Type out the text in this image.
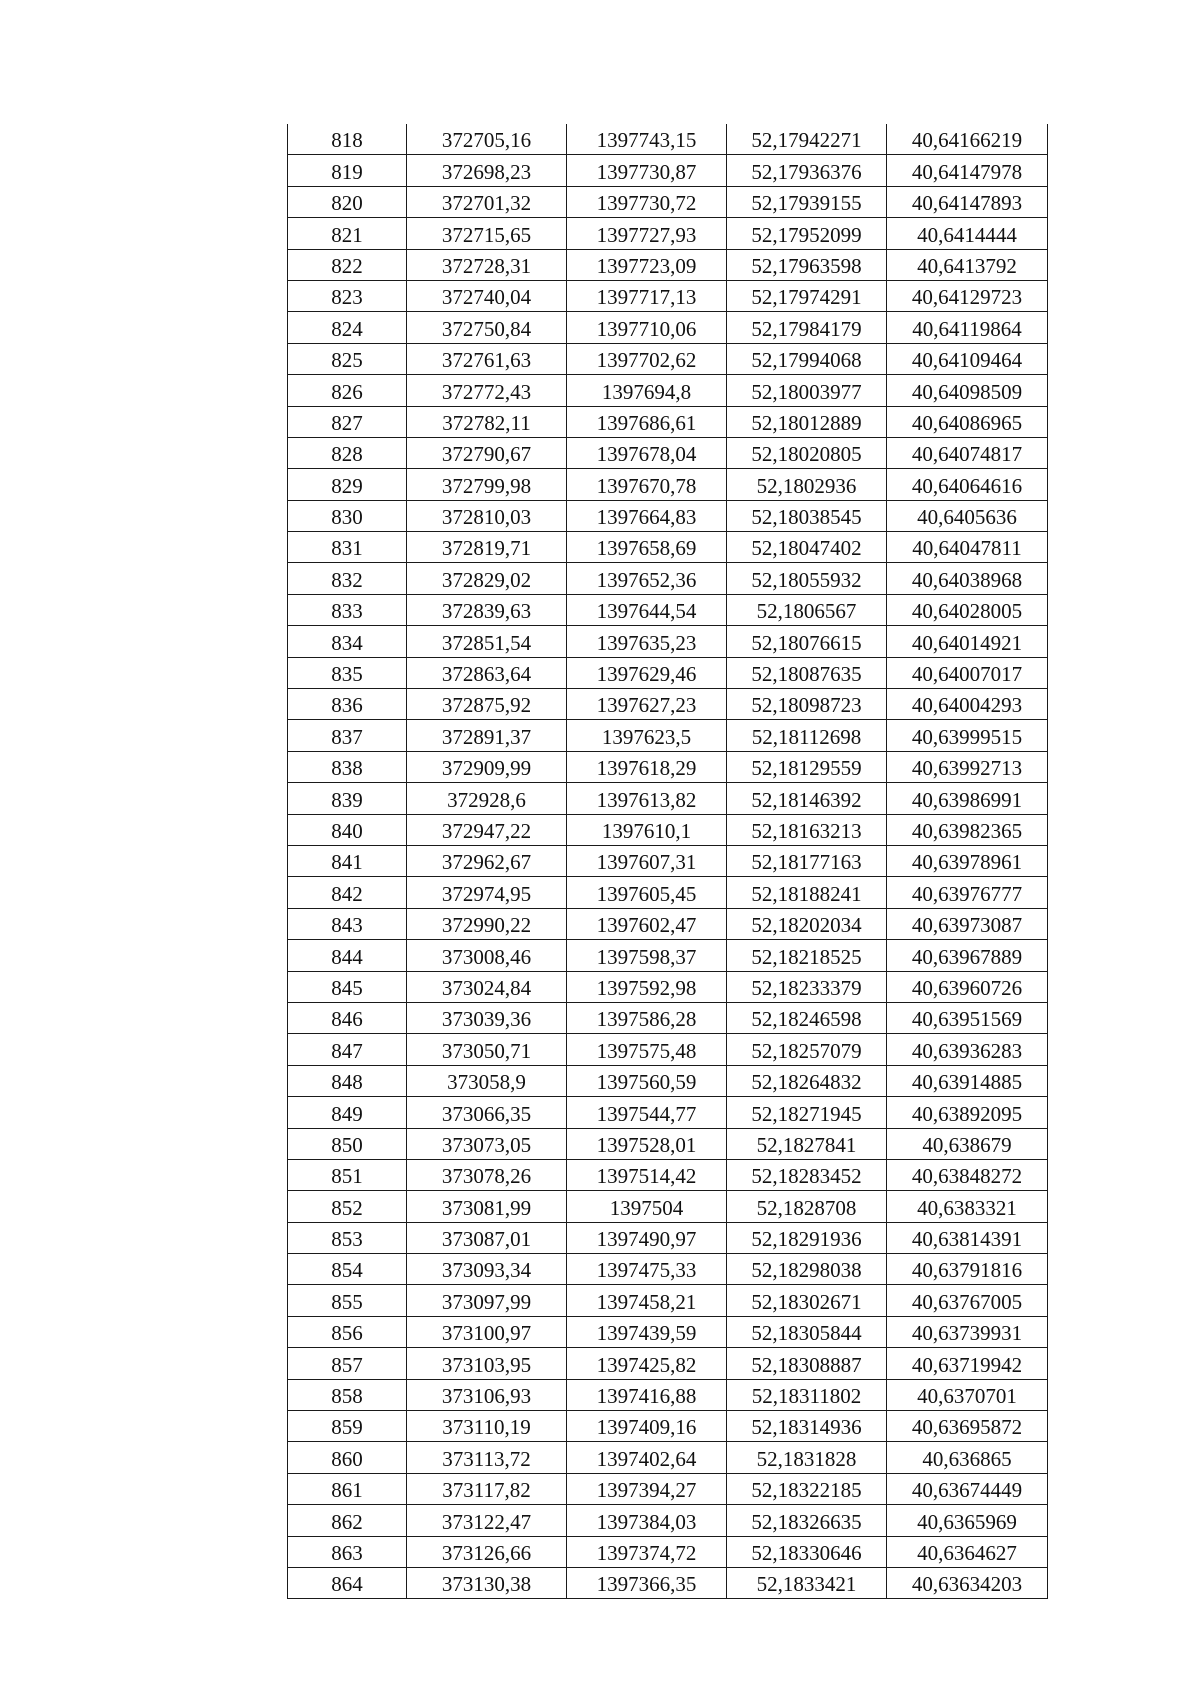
818	372705,16	1397743,15	52,17942271	40,64166219
819	372698,23	1397730,87	52,17936376	40,64147978
820	372701,32	1397730,72	52,17939155	40,64147893
821	372715,65	1397727,93	52,17952099	40,6414444
822	372728,31	1397723,09	52,17963598	40,6413792
823	372740,04	1397717,13	52,17974291	40,64129723
824	372750,84	1397710,06	52,17984179	40,64119864
825	372761,63	1397702,62	52,17994068	40,64109464
826	372772,43	1397694,8	52,18003977	40,64098509
827	372782,11	1397686,61	52,18012889	40,64086965
828	372790,67	1397678,04	52,18020805	40,64074817
829	372799,98	1397670,78	52,1802936	40,64064616
830	372810,03	1397664,83	52,18038545	40,6405636
831	372819,71	1397658,69	52,18047402	40,64047811
832	372829,02	1397652,36	52,18055932	40,64038968
833	372839,63	1397644,54	52,1806567	40,64028005
834	372851,54	1397635,23	52,18076615	40,64014921
835	372863,64	1397629,46	52,18087635	40,64007017
836	372875,92	1397627,23	52,18098723	40,64004293
837	372891,37	1397623,5	52,18112698	40,63999515
838	372909,99	1397618,29	52,18129559	40,63992713
839	372928,6	1397613,82	52,18146392	40,63986991
840	372947,22	1397610,1	52,18163213	40,63982365
841	372962,67	1397607,31	52,18177163	40,63978961
842	372974,95	1397605,45	52,18188241	40,63976777
843	372990,22	1397602,47	52,18202034	40,63973087
844	373008,46	1397598,37	52,18218525	40,63967889
845	373024,84	1397592,98	52,18233379	40,63960726
846	373039,36	1397586,28	52,18246598	40,63951569
847	373050,71	1397575,48	52,18257079	40,63936283
848	373058,9	1397560,59	52,18264832	40,63914885
849	373066,35	1397544,77	52,18271945	40,63892095
850	373073,05	1397528,01	52,1827841	40,638679
851	373078,26	1397514,42	52,18283452	40,63848272
852	373081,99	1397504	52,1828708	40,6383321
853	373087,01	1397490,97	52,18291936	40,63814391
854	373093,34	1397475,33	52,18298038	40,63791816
855	373097,99	1397458,21	52,18302671	40,63767005
856	373100,97	1397439,59	52,18305844	40,63739931
857	373103,95	1397425,82	52,18308887	40,63719942
858	373106,93	1397416,88	52,18311802	40,6370701
859	373110,19	1397409,16	52,18314936	40,63695872
860	373113,72	1397402,64	52,1831828	40,636865
861	373117,82	1397394,27	52,18322185	40,63674449
862	373122,47	1397384,03	52,18326635	40,6365969
863	373126,66	1397374,72	52,18330646	40,6364627
864	373130,38	1397366,35	52,1833421	40,63634203
